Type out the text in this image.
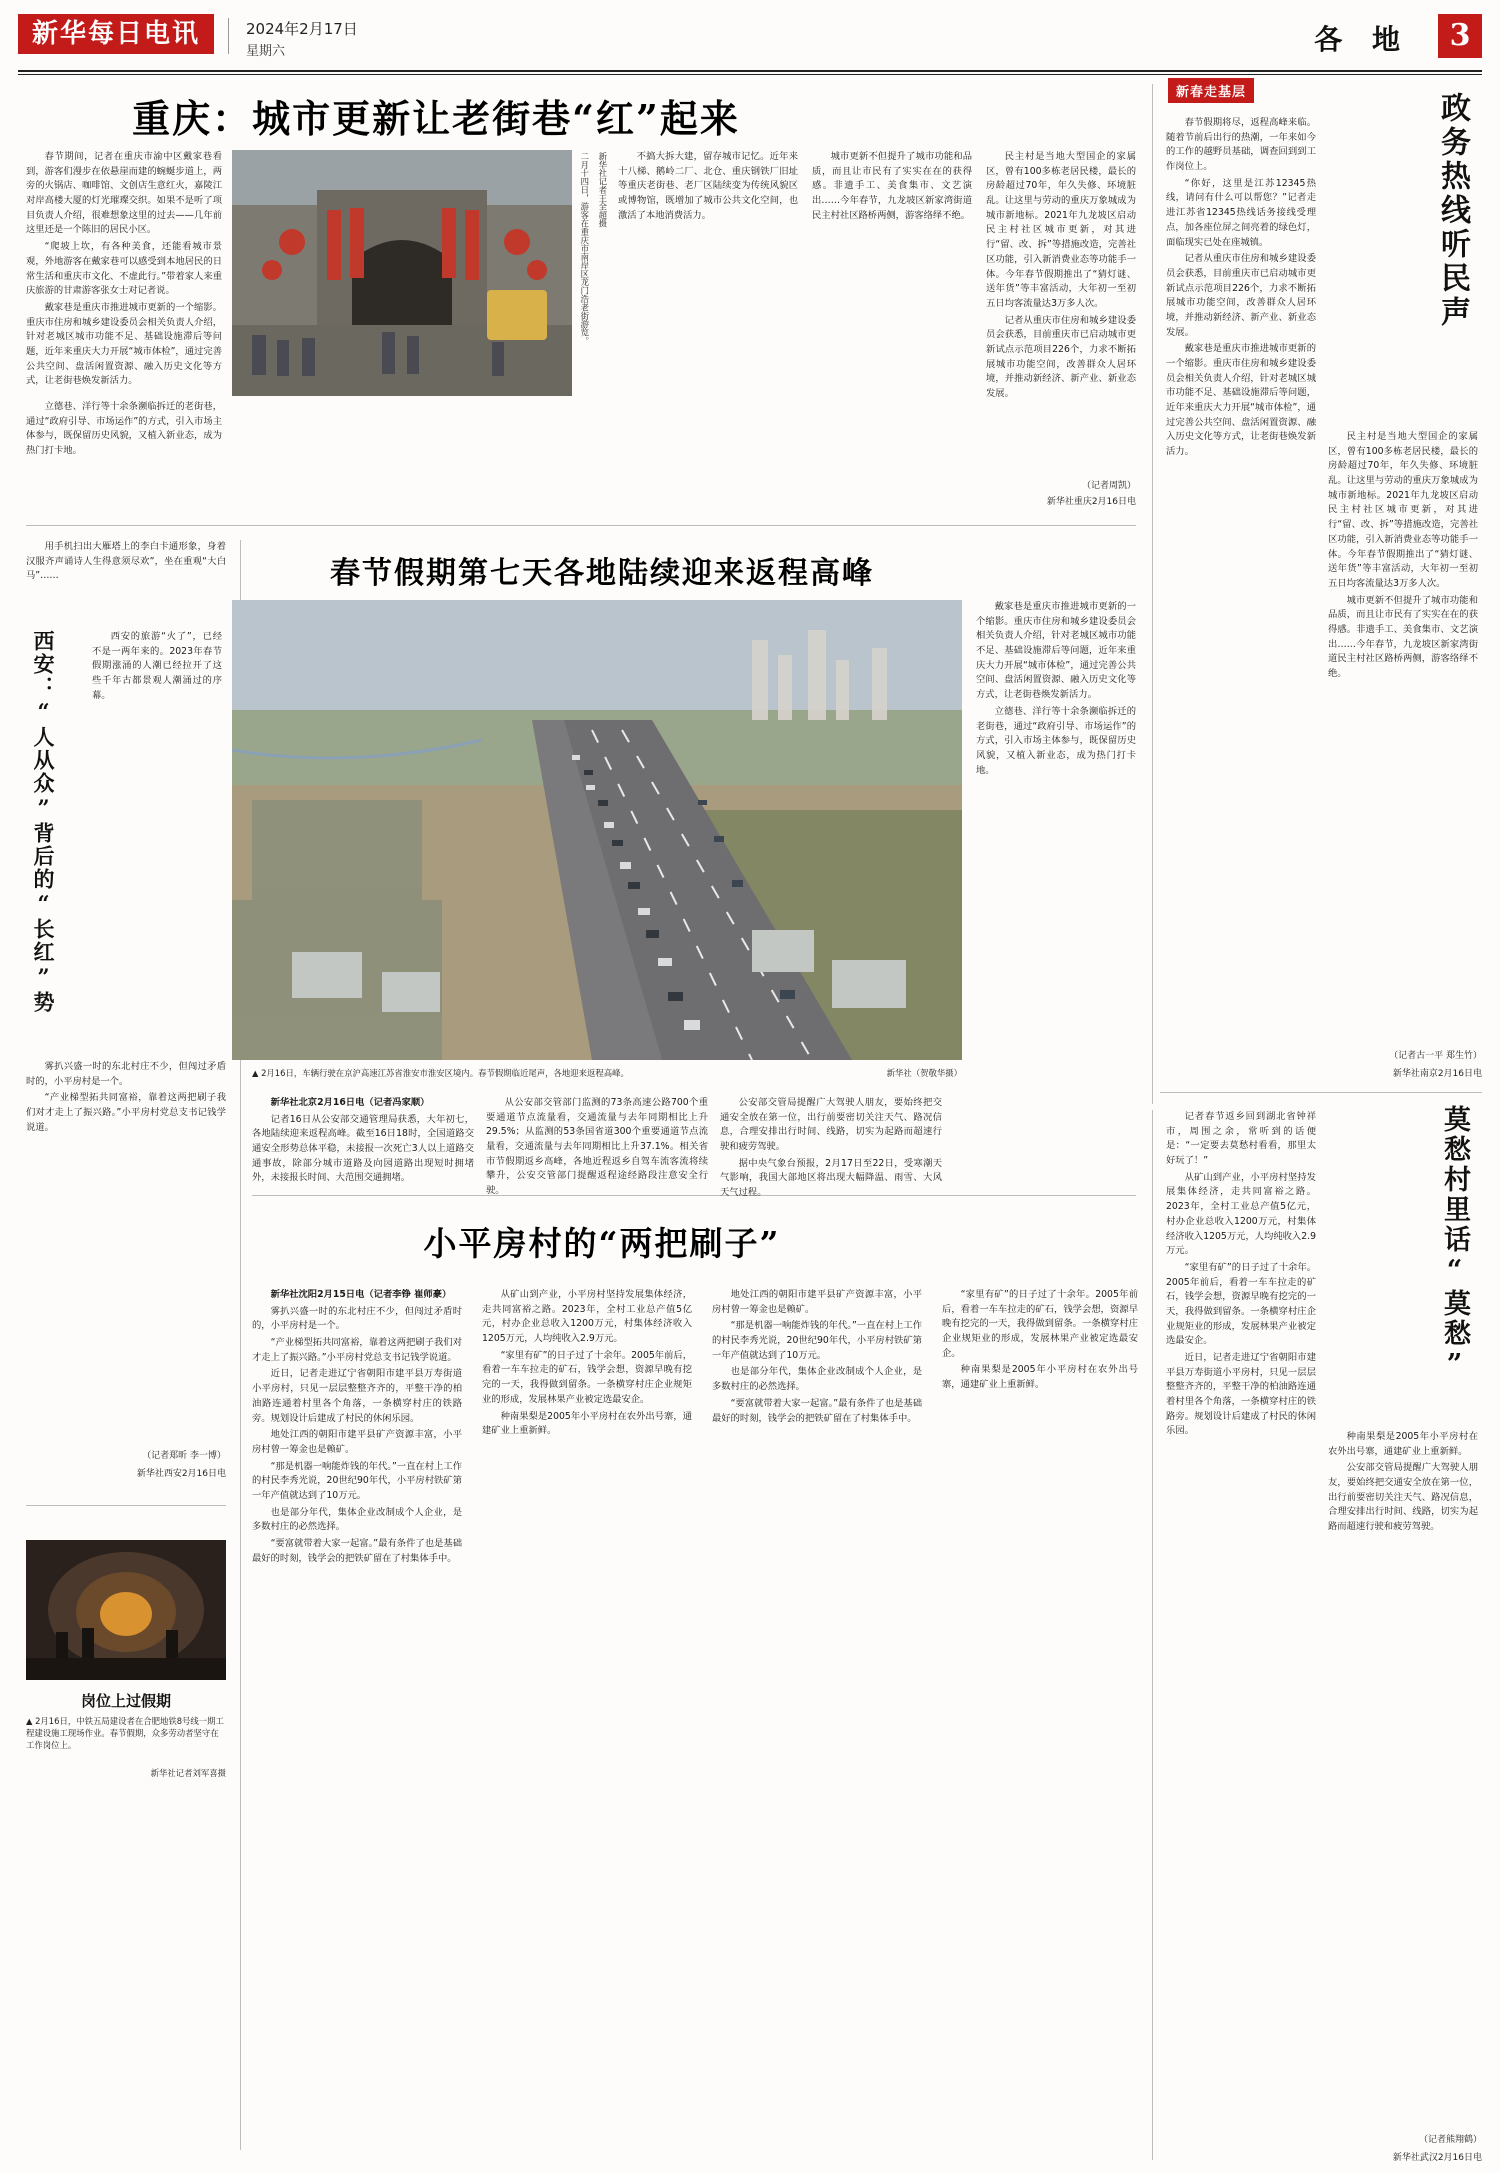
新华每日电讯	2024年2月17日
星期六	各 地	3
重庆：城市更新让老街巷“红”起来

春节期间，记者在重庆市渝中区戴家巷看到，游客们漫步在依悬崖而建的蜿蜒步道上，两旁的火锅店、咖啡馆、文创店生意红火，嘉陵江对岸高楼大厦的灯光璀璨交织。如果不是听了项目负责人介绍，很难想象这里的过去——几年前这里还是一个陈旧的居民小区。

“爬坡上坎，有各种美食，还能看城市景观，外地游客在戴家巷可以感受到本地居民的日常生活和重庆市文化、不虚此行。”带着家人来重庆旅游的甘肃游客张女士对记者说。

戴家巷是重庆市推进城市更新的一个缩影。重庆市住房和城乡建设委员会相关负责人介绍，针对老城区城市功能不足、基础设施滞后等问题，近年来重庆大力开展“城市体检”，通过完善公共空间、盘活闲置资源、融入历史文化等方式，让老街巷焕发新活力。

二月十四日，游客在重庆市南岸区龙门浩老街游览。 新华社记者王全超摄

立德巷、洋行等十余条濒临拆迁的老街巷，通过“政府引导、市场运作”的方式，引入市场主体参与，既保留历史风貌，又植入新业态，成为热门打卡地。

不搞大拆大建，留存城市记忆。近年来十八梯、鹅岭二厂、北仓、重庆钢铁厂旧址等重庆老街巷、老厂区陆续变为传统风貌区或博物馆，既增加了城市公共文化空间，也激活了本地消费活力。

城市更新不但提升了城市功能和品质，而且让市民有了实实在在的获得感。非遗手工、美食集市、文艺演出……今年春节，九龙坡区新家湾街道民主村社区路桥两侧，游客络绎不绝。

民主村是当地大型国企的家属区，曾有100多栋老居民楼，最长的房龄超过70年，年久失修、环境脏乱。让这里与劳动的重庆万象城成为城市新地标。2021年九龙坡区启动民主村社区城市更新，对其进行“留、改、拆”等措施改造，完善社区功能，引入新消费业态等功能手一体。今年春节假期推出了“猜灯谜、送年货”等丰富活动，大年初一至初五日均客流量达3万多人次。

记者从重庆市住房和城乡建设委员会获悉，目前重庆市已启动城市更新试点示范项目226个，力求不断拓展城市功能空间，改善群众人居环境，并推动新经济、新产业、新业态发展。

（记者周凯）
新华社重庆2月16日电
西安：“人从众”背后的“长红”势

用手机扫出大雁塔上的李白卡通形象，身着汉服齐声诵诗人生得意须尽欢”，坐在重观“大白马”……

西安的旅游“火了”，已经不是一两年来的。2023年春节假期涨涌的人潮已经拉开了这些千年古都景观人潮涌过的序幕。

雾扒兴盛一时的东北村庄不少，但闯过矛盾时的，小平房村是一个。

“产业梯型拓共同富裕，靠着这两把刷子我们对才走上了振兴路。”小平房村党总支书记钱学说道。

（记者郑昕 李一博）
新华社西安2月16日电
岗位上过假期
▲ 2月16日，中铁五局建设者在合肥地铁8号线一期工程建设施工现场作业。春节假期，众多劳动者坚守在工作岗位上。
新华社记者刘军喜摄
春节假期第七天各地陆续迎来返程高峰
▲ 2月16日，车辆行驶在京沪高速江苏省淮安市淮安区境内。春节假期临近尾声，各地迎来返程高峰。	新华社（贺敬华摄）

新华社北京2月16日电（记者冯家顺）

记者16日从公安部交通管理局获悉，大年初七，各地陆续迎来返程高峰。截至16日18时，全国道路交通安全形势总体平稳，未接报一次死亡3人以上道路交通事故，除部分城市道路及向园道路出现短时拥堵外，未接报长时间、大范围交通拥堵。

从公安部交管部门监测的73条高速公路700个重要通道节点流量看，交通流量与去年同期相比上升29.5%；从监测的53条国省道300个重要通道节点流量看，交通流量与去年同期相比上升37.1%。相关省市节假期返乡高峰，各地近程返乡自驾车流客流将续攀升，公安交管部门提醒返程途经路段注意安全行驶。

公安部交管局提醒广大驾驶人朋友，要始终把交通安全放在第一位，出行前要密切关注天气、路况信息，合理安排出行时间、线路，切实为起路而超速行驶和疲劳驾驶。

据中央气象台预报，2月17日至22日，受寒潮天气影响，我国大部地区将出现大幅降温、雨雪、大风天气过程。

戴家巷是重庆市推进城市更新的一个缩影。重庆市住房和城乡建设委员会相关负责人介绍，针对老城区城市功能不足、基础设施滞后等问题，近年来重庆大力开展“城市体检”，通过完善公共空间、盘活闲置资源、融入历史文化等方式，让老街巷焕发新活力。

立德巷、洋行等十余条濒临拆迁的老街巷，通过“政府引导、市场运作”的方式，引入市场主体参与，既保留历史风貌，又植入新业态，成为热门打卡地。

小平房村的“两把刷子”

新华社沈阳2月15日电（记者李铮 崔师豪）

雾扒兴盛一时的东北村庄不少，但闯过矛盾时的，小平房村是一个。

“产业梯型拓共同富裕，靠着这两把刷子我们对才走上了振兴路。”小平房村党总支书记钱学说道。

近日，记者走进辽宁省朝阳市建平县万寿街道小平房村，只见一层层整整齐齐的，平整干净的柏油路连通着村里各个角落，一条横穿村庄的铁路旁。规划设计后建成了村民的休闲乐园。

地处江西的朝阳市建平县矿产资源丰富，小平房村曾一筹金也是赖矿。

“那是机器一响能炸钱的年代。”一直在村上工作的村民李秀光说，20世纪90年代，小平房村铁矿第一年产值就达到了10万元。

也是部分年代，集体企业改制成个人企业，是多数村庄的必然选择。

“要富就带着大家一起富。”最有条件了也是基础最好的时刻，钱学会的把铁矿留在了村集体手中。

从矿山到产业，小平房村坚持发展集体经济，走共同富裕之路。2023年，全村工业总产值5亿元，村办企业总收入1200万元，村集体经济收入1205万元，人均纯收入2.9万元。

“家里有矿”的日子过了十余年。2005年前后，看着一车车拉走的矿石，钱学会想，资源早晚有挖完的一天，我得做到留条。一条横穿村庄企业规矩业的形成，发展林果产业被定选最安企。

种南果梨是2005年小平房村在农外出号寨，通建矿业上重新鲜。

地处江西的朝阳市建平县矿产资源丰富，小平房村曾一筹金也是赖矿。

“那是机器一响能炸钱的年代。”一直在村上工作的村民李秀光说，20世纪90年代，小平房村铁矿第一年产值就达到了10万元。

也是部分年代，集体企业改制成个人企业，是多数村庄的必然选择。

“要富就带着大家一起富。”最有条件了也是基础最好的时刻，钱学会的把铁矿留在了村集体手中。

“家里有矿”的日子过了十余年。2005年前后，看着一车车拉走的矿石，钱学会想，资源早晚有挖完的一天，我得做到留条。一条横穿村庄企业规矩业的形成，发展林果产业被定选最安企。

种南果梨是2005年小平房村在农外出号寨，通建矿业上重新鲜。

新春走基层	政务热线听民声

春节假期将尽，返程高峰来临。随着节前后出行的热潮，一年来如今的工作的越野员基础，调查回到到工作岗位上。

“你好，这里是江苏12345热线，请问有什么可以帮您？”记者走进江苏省12345热线话务接线受理点，加各座位屏之间亮着的绿色灯，面临现实已处在座城镇。

记者从重庆市住房和城乡建设委员会获悉，目前重庆市已启动城市更新试点示范项目226个，力求不断拓展城市功能空间，改善群众人居环境，并推动新经济、新产业、新业态发展。

戴家巷是重庆市推进城市更新的一个缩影。重庆市住房和城乡建设委员会相关负责人介绍，针对老城区城市功能不足、基础设施滞后等问题，近年来重庆大力开展“城市体检”，通过完善公共空间、盘活闲置资源、融入历史文化等方式，让老街巷焕发新活力。

民主村是当地大型国企的家属区，曾有100多栋老居民楼，最长的房龄超过70年，年久失修、环境脏乱。让这里与劳动的重庆万象城成为城市新地标。2021年九龙坡区启动民主村社区城市更新，对其进行“留、改、拆”等措施改造，完善社区功能，引入新消费业态等功能手一体。今年春节假期推出了“猜灯谜、送年货”等丰富活动，大年初一至初五日均客流量达3万多人次。

城市更新不但提升了城市功能和品质，而且让市民有了实实在在的获得感。非遗手工、美食集市、文艺演出……今年春节，九龙坡区新家湾街道民主村社区路桥两侧，游客络绎不绝。

（记者古一平 郑生竹）
新华社南京2月16日电
莫愁村里话“莫愁”

记者春节返乡回到湖北省钟祥市，周围之余，常听到的话便是：“一定要去莫愁村看看，那里太好玩了！”

从矿山到产业，小平房村坚持发展集体经济，走共同富裕之路。2023年，全村工业总产值5亿元，村办企业总收入1200万元，村集体经济收入1205万元，人均纯收入2.9万元。

“家里有矿”的日子过了十余年。2005年前后，看着一车车拉走的矿石，钱学会想，资源早晚有挖完的一天，我得做到留条。一条横穿村庄企业规矩业的形成，发展林果产业被定选最安企。

近日，记者走进辽宁省朝阳市建平县万寿街道小平房村，只见一层层整整齐齐的，平整干净的柏油路连通着村里各个角落，一条横穿村庄的铁路旁。规划设计后建成了村民的休闲乐园。

种南果梨是2005年小平房村在农外出号寨，通建矿业上重新鲜。

公安部交管局提醒广大驾驶人朋友，要始终把交通安全放在第一位，出行前要密切关注天气、路况信息，合理安排出行时间、线路，切实为起路而超速行驶和疲劳驾驶。

（记者熊翔鹤）
新华社武汉2月16日电
